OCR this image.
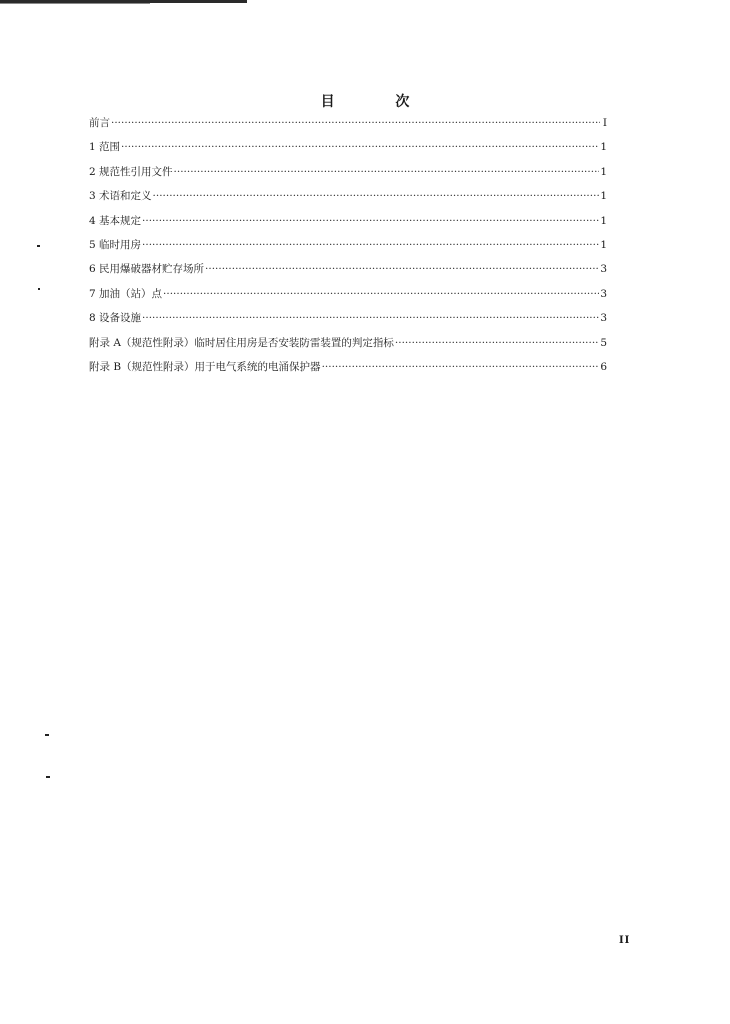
目 次
前言 ·····	I
1 范围 ·····	1
2 规范性引用文件 ·····	1
3 术语和定义 ·····	1
4 基本规定 ·····	1
5 临时用房 ·····	1
6 民用爆破器材贮存场所 ·····	3
7 加油（站）点 ·····	3
8 设备设施 ·····	3
附录 A（规范性附录）临时居住用房是否安装防雷装置的判定指标 ·····	5
附录 B（规范性附录）用于电气系统的电涌保护器 ·····	6
II
